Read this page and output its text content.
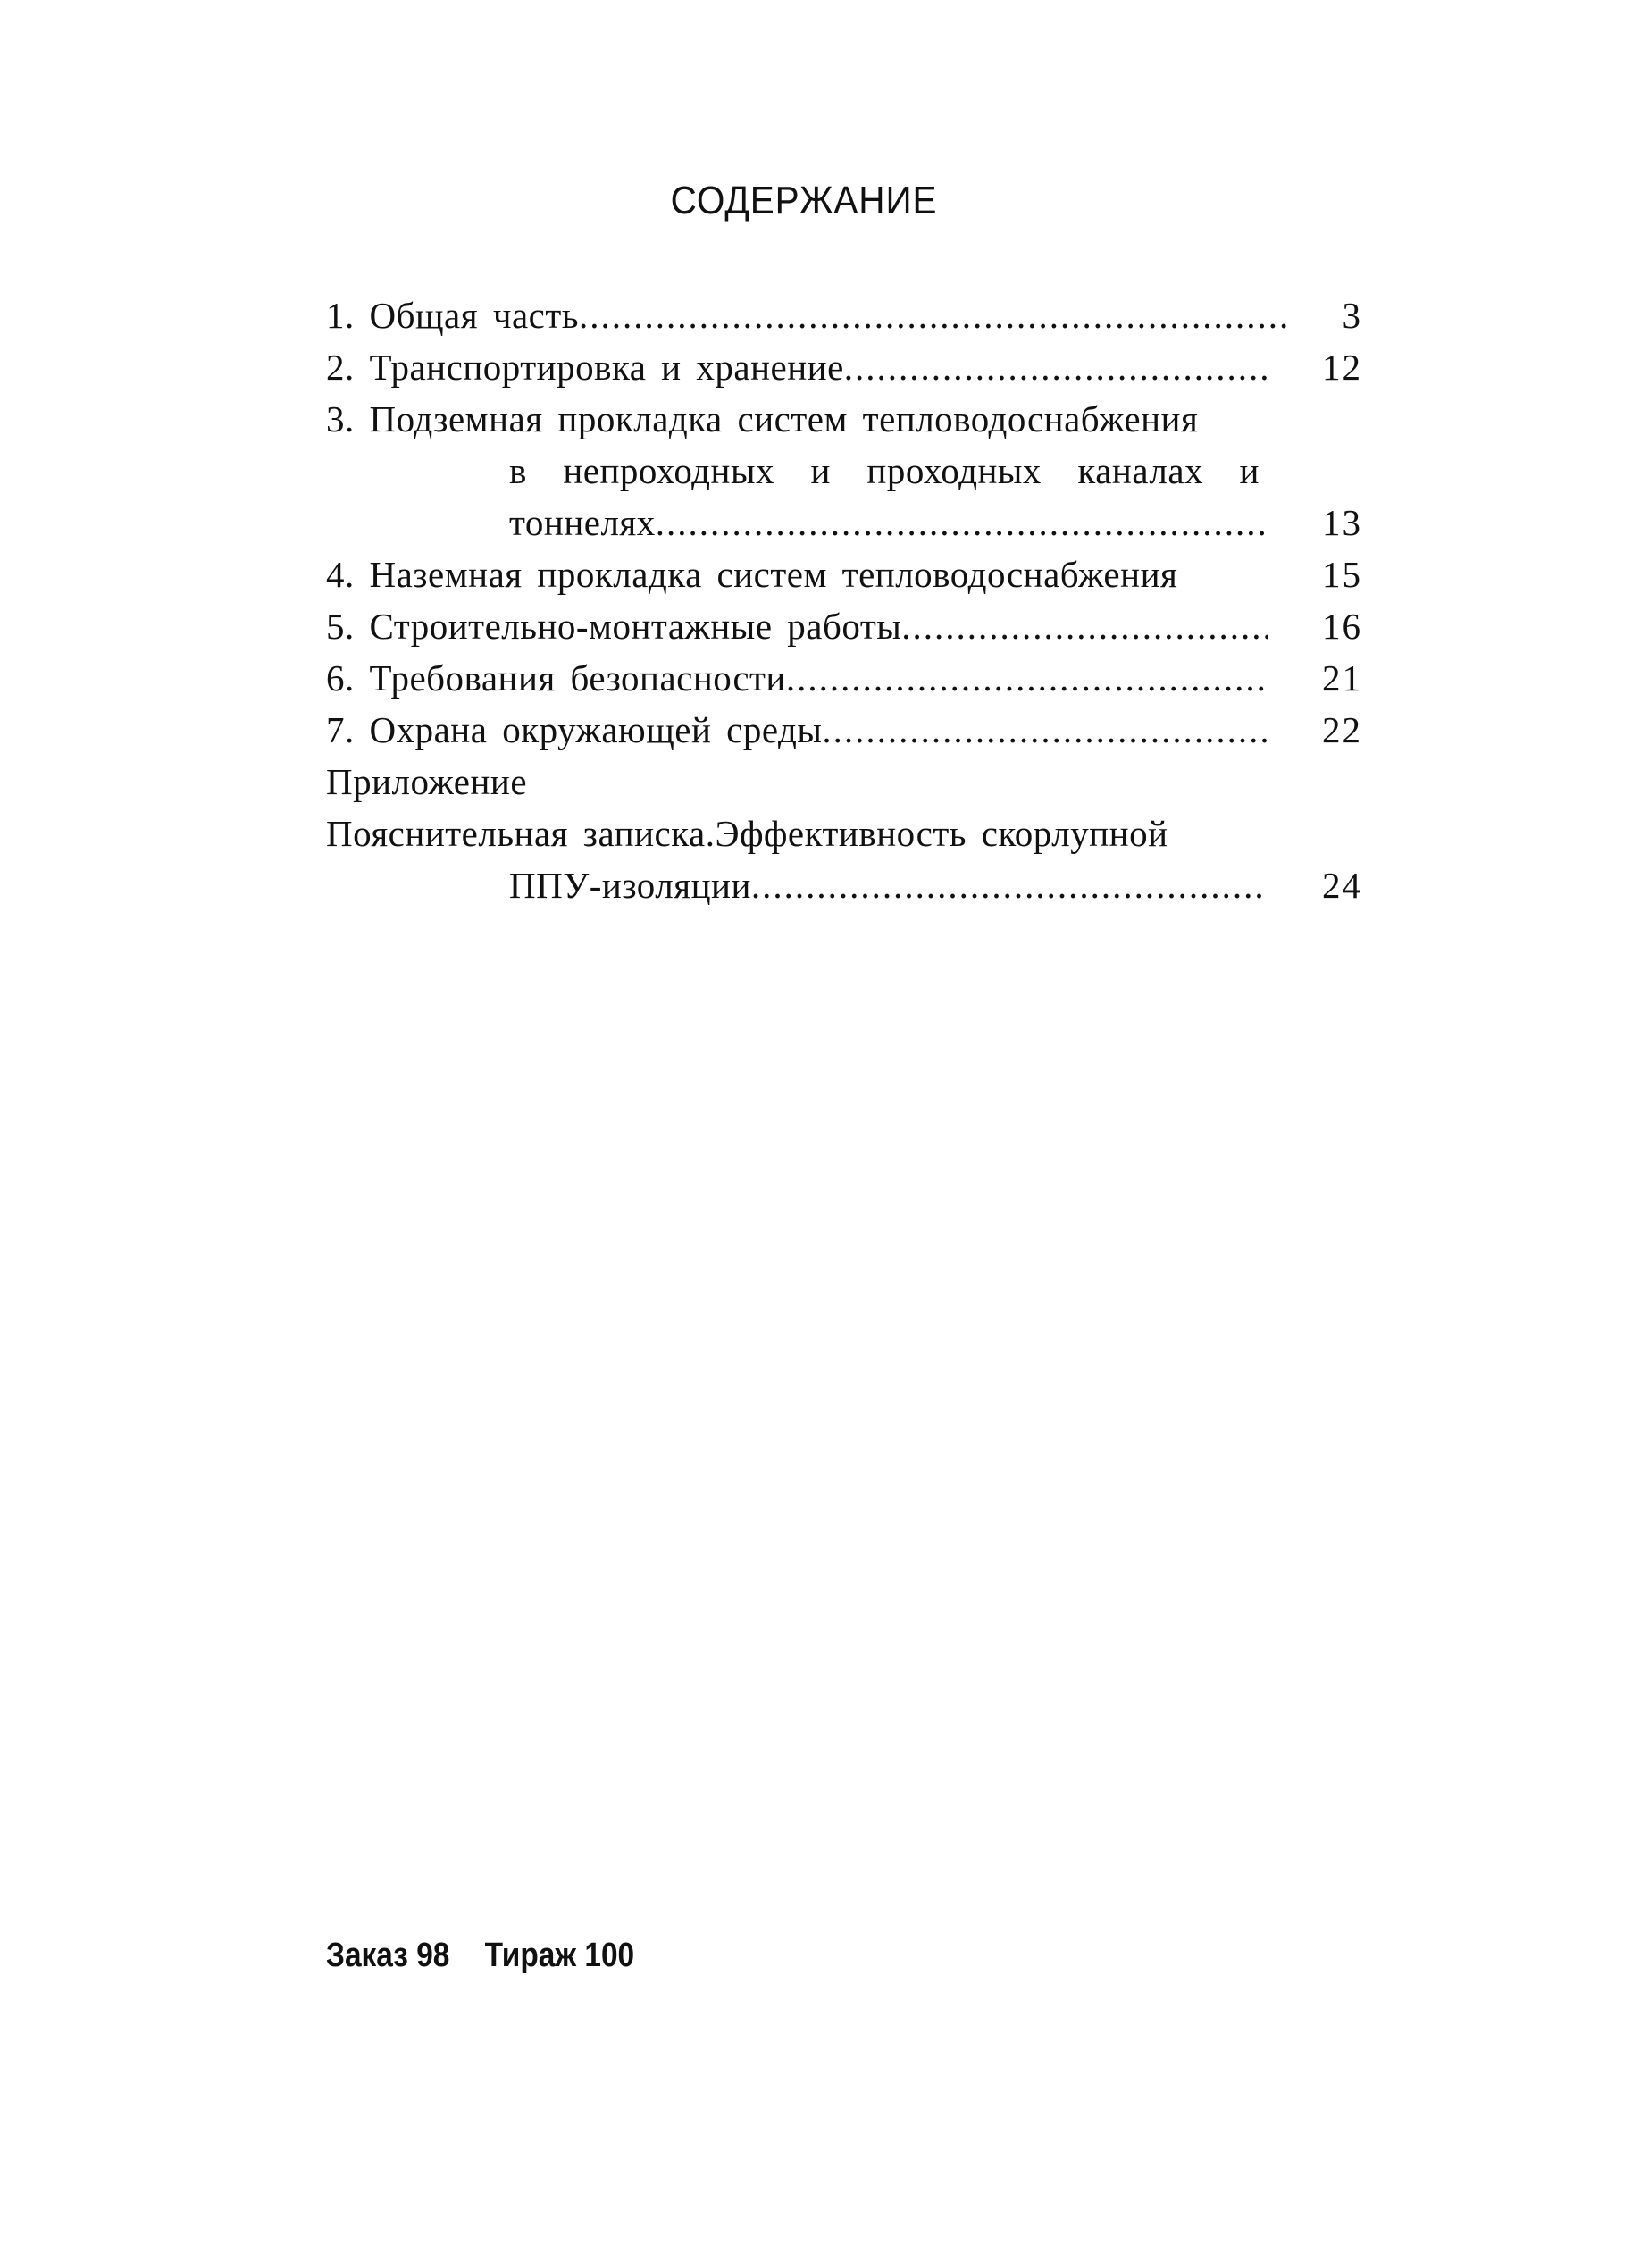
СОДЕРЖАНИЕ
1. Общая часть .....	3
2. Транспортировка и хранение .....	12
3. Подземная прокладка систем тепловодоснабжения
в непроходных и проходных каналах и
тоннелях .....	13
4. Наземная прокладка систем тепловодоснабжения	15
5. Строительно-монтажные работы .....	16
6. Требования безопасности .....	21
7. Охрана окружающей среды .....	22
Приложение
Пояснительная записка.Эффективность скорлупной
ППУ-изоляции .....	24
Заказ 98 Тираж 100
